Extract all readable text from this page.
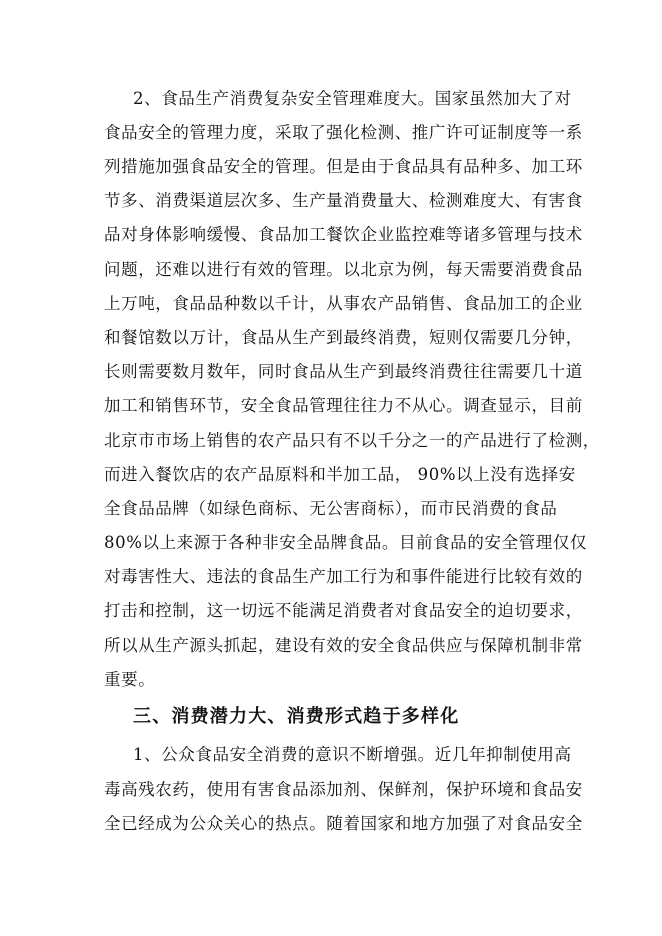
2、食品生产消费复杂安全管理难度大。国家虽然加大了对
食品安全的管理力度，采取了强化检测、推广许可证制度等一系
列措施加强食品安全的管理。但是由于食品具有品种多、加工环
节多、消费渠道层次多、生产量消费量大、检测难度大、有害食
品对身体影响缓慢、食品加工餐饮企业监控难等诸多管理与技术
问题，还难以进行有效的管理。以北京为例，每天需要消费食品
上万吨，食品品种数以千计，从事农产品销售、食品加工的企业
和餐馆数以万计，食品从生产到最终消费，短则仅需要几分钟，
长则需要数月数年，同时食品从生产到最终消费往往需要几十道
加工和销售环节，安全食品管理往往力不从心。调查显示，目前
北京市市场上销售的农产品只有不以千分之一的产品进行了检测，
而进入餐饮店的农产品原料和半加工品， 90%以上没有选择安
全食品品牌（如绿色商标、无公害商标），而市民消费的食品
80%以上来源于各种非安全品牌食品。目前食品的安全管理仅仅
对毒害性大、违法的食品生产加工行为和事件能进行比较有效的
打击和控制，这一切远不能满足消费者对食品安全的迫切要求，
所以从生产源头抓起，建设有效的安全食品供应与保障机制非常
重要。
三、消费潜力大、消费形式趋于多样化
1、公众食品安全消费的意识不断增强。近几年抑制使用高
毒高残农药，使用有害食品添加剂、保鲜剂，保护环境和食品安
全已经成为公众关心的热点。随着国家和地方加强了对食品安全
